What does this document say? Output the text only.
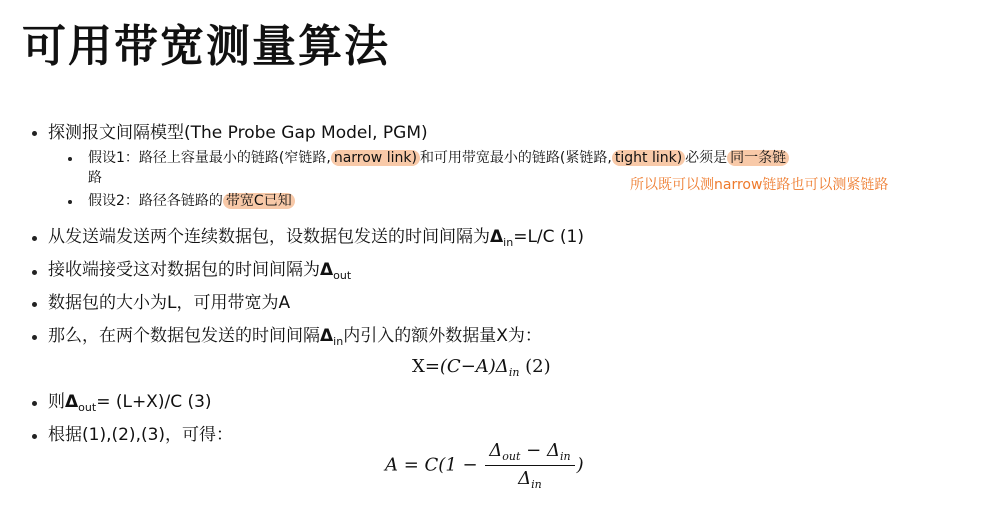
可用带宽测量算法
探测报文间隔模型(The Probe Gap Model, PGM)
假设1：路径上容量最小的链路(窄链路, narrow link) 和可用带宽最小的链路(紧链路, tight link) 必须是 同一条链
路	所以既可以测narrow链路也可以测紧链路
假设2：路径各链路的 带宽C已知
从发送端发送两个连续数据包，设数据包发送的时间间隔为$\Delta_{in}=L/C$ (1)
接收端接受这对数据包的时间间隔为$\Delta_{out}$
数据包的大小为L，可用带宽为A
那么，在两个数据包发送的时间间隔$\Delta_{in}$内引入的额外数据量X为：
$X=(C-A)\Delta_{in}$ (2)
则$\Delta_{out}= (L+X)/C$ (3)
根据(1),(2),(3)，可得：
$A = C(1 - \frac{\Delta_{out} - \Delta_{in}}{\Delta_{in}}$ )
